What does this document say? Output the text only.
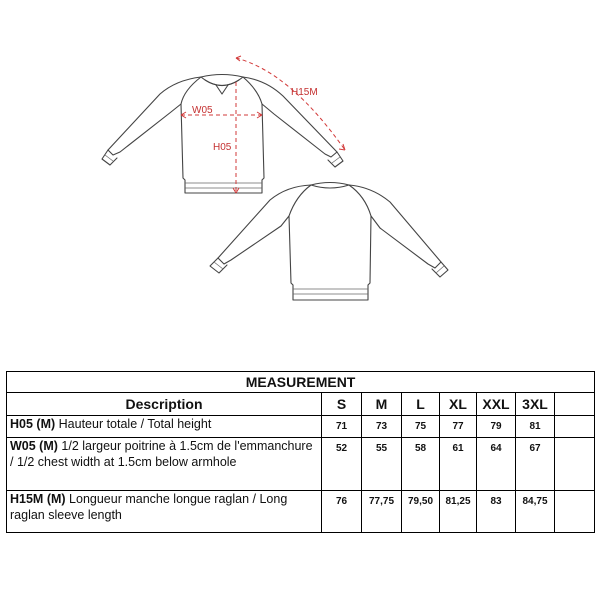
H15M
W05
H05
MEASUREMENT							
Description	S	M	L	XL	XXL	3XL	
H05 (M) Hauteur totale / Total height	71	73	75	77	79	81	
W05 (M) 1/2 largeur poitrine à 1.5cm de l'emmanchure / 1/2 chest width at 1.5cm below armhole	52	55	58	61	64	67	
H15M (M) Longueur manche longue raglan / Long raglan sleeve length	76	77,75	79,50	81,25	83	84,75	
